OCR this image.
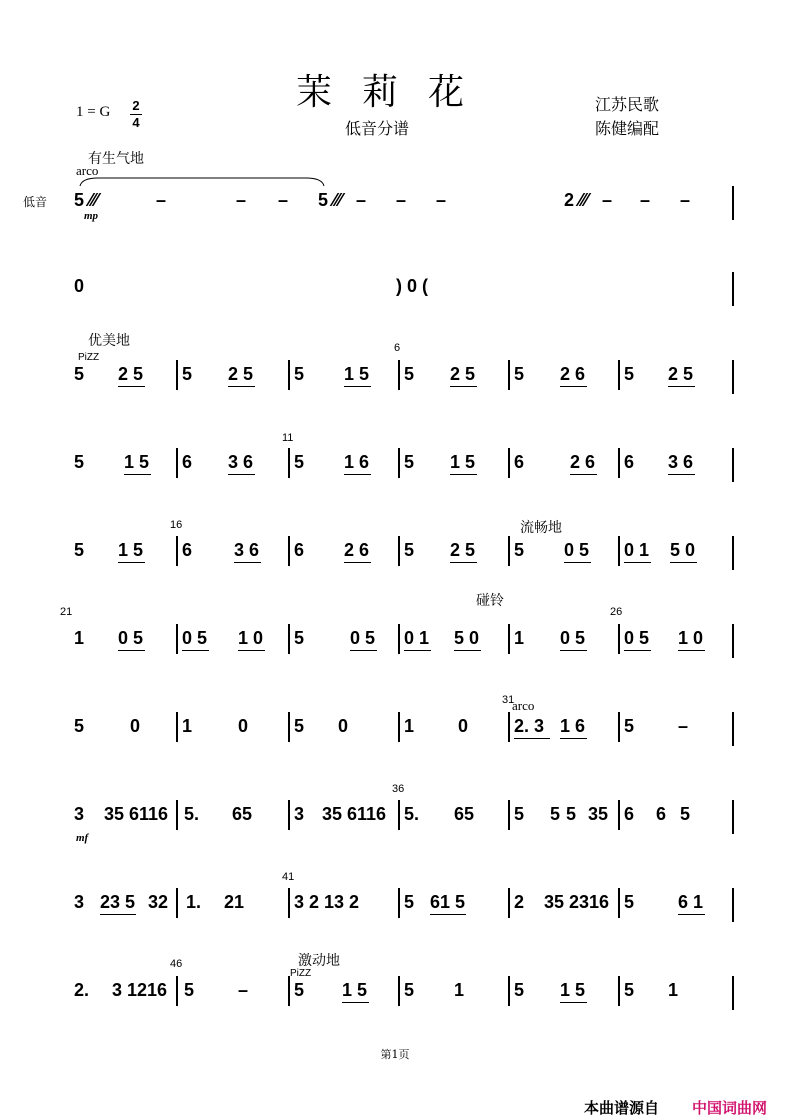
茉莉花
1 = G 2
4	低音分谱
江苏民歌
陈健编配
有生气地
arco
低音
mp
优美地
PiZZ
流畅地
碰铃
arco
mf
激动地
PiZZ
6
11
16
21	26
31
36
41
46
5 ⁄⁄⁄	–	– – 5 ⁄⁄⁄ – – –	2 ⁄⁄⁄ – – –
0	) 0 (
5 2 5 5 2 5 5 1 5 5 2 5 5 2 6 5 2 5
5 1 5 6 3 6 5 1 6 5 1 5 6	2 6 6 3 6
5 1 5 6 3 6 6 2 6 5 2 5 5 0 5 0 1 5 0
1 0 5 0 5 1 0 5	0 5 0 1 5 0 1 0 5 0 5 1 0
5	0 1	0	5 0	1 0	2. 3 1 6 5 –
3 35 6116 5. 65 3 35 6116 5. 65 5 5 5 35 6 6 5
3 23 5 32 1. 21	3 2 13 2 5 61 5	2 35 2316 5 6 1
2. 3 1216 5 –	5 1 5 5 1	5 1 5 5 1
第1页
本曲谱源自 中国词曲网
